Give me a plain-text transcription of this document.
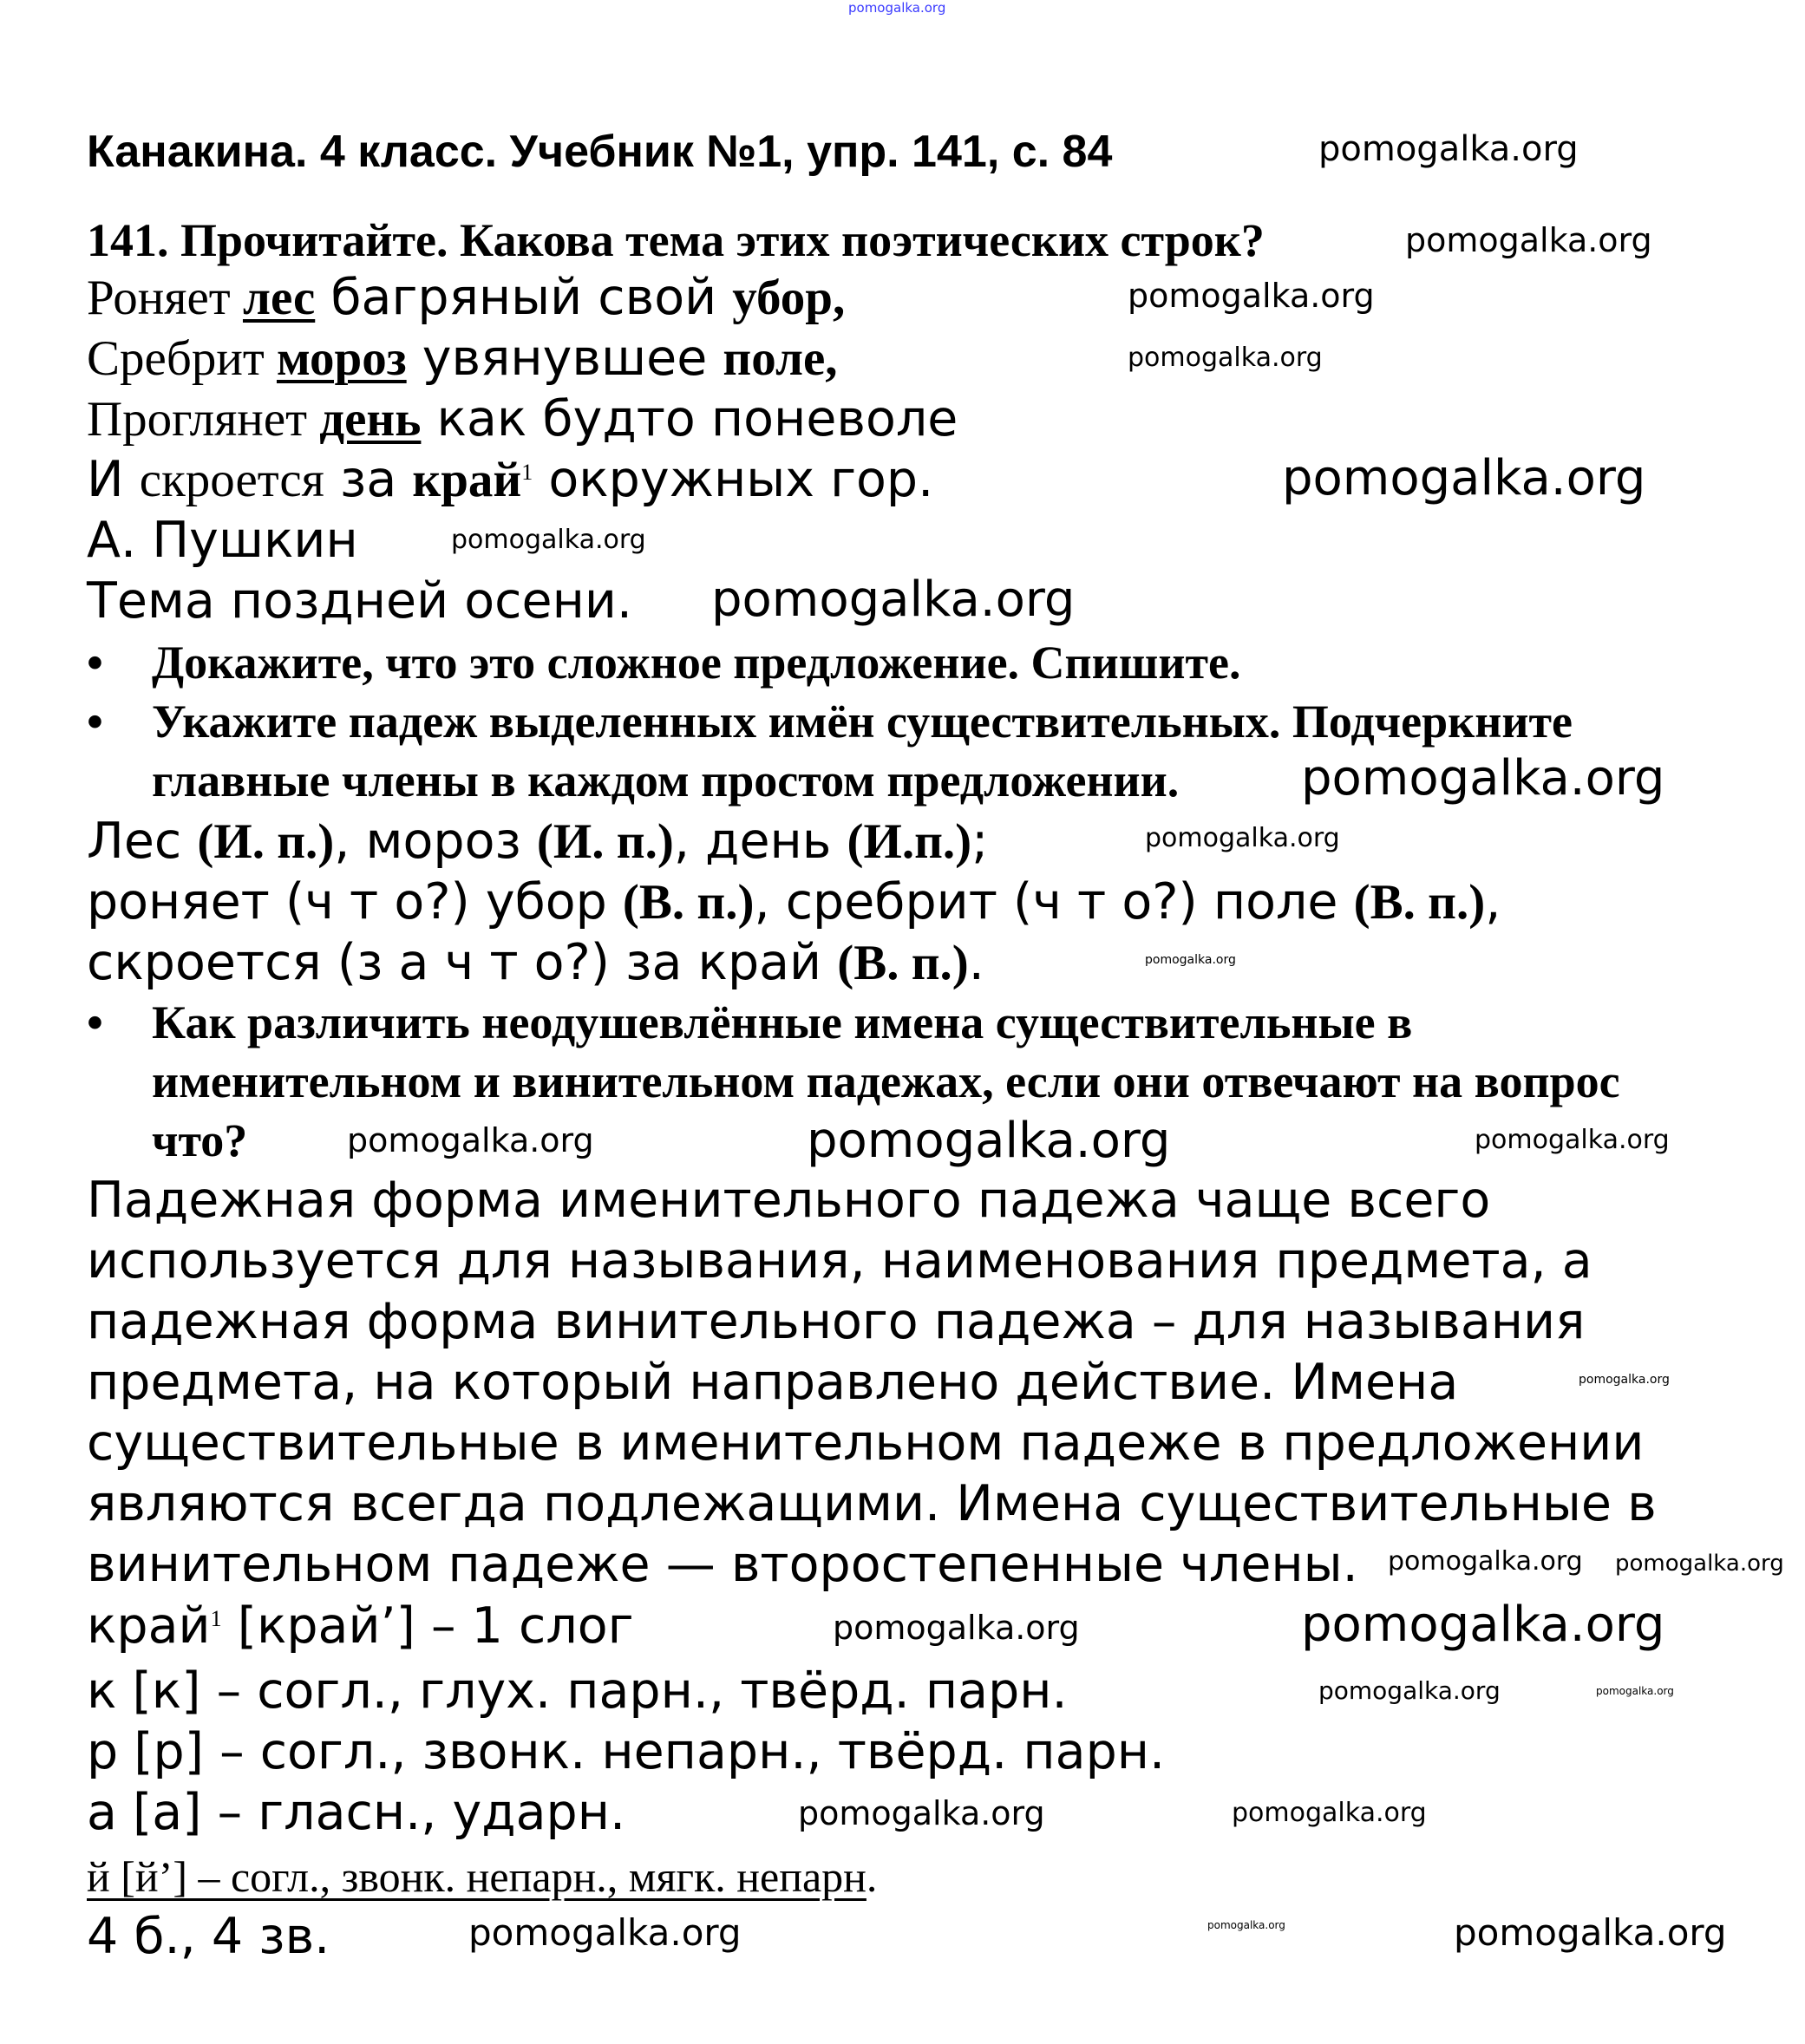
pomogalka.org
Канакина. 4 класс. Учебник №1, упр. 141, с. 84
141. Прочитайте. Какова тема этих поэтических строк?
Роняет лес багряный свой убор,
Сребрит мороз увянувшее поле,
Проглянет день как будто поневоле
И скроется за край$^1$ окружных гор.
А. Пушкин
Тема поздней осени.
• Докажите, что это сложное предложение. Спишите.
• Укажите падеж выделенных имён существительных. Подчеркните
главные члены в каждом простом предложении.
Лес (И. п.), мороз (И. п.), день (И.п.);
роняет (ч т о?) убор (В. п.), сребрит (ч т о?) поле (В. п.),
скроется (з а ч т о?) за край (В. п.).
• Как различить неодушевлённые имена существительные в
именительном и винительном падежах, если они отвечают на вопрос
что?
Падежная форма именительного падежа чаще всего
используется для называния, наименования предмета, а
падежная форма винительного падежа – для называния
предмета, на который направлено действие. Имена
существительные в именительном падеже в предложении
являются всегда подлежащими. Имена существительные в
винительном падеже — второстепенные члены.
край$^1$ [край’] – 1 слог
к [к] – согл., глух. парн., твёрд. парн.
р [р] – согл., звонк. непарн., твёрд. парн.
а [а] – гласн., ударн.
й [й’] – согл., звонк. непарн., мягк. непарн.
4 б., 4 зв.
pomogalka.org
pomogalka.org
pomogalka.org
pomogalka.org
pomogalka.org
pomogalka.org
pomogalka.org
pomogalka.org
pomogalka.org
pomogalka.org
pomogalka.org	pomogalka.org	pomogalka.org
pomogalka.org
pomogalka.org pomogalka.org
pomogalka.org	pomogalka.org
pomogalka.org	pomogalka.org
pomogalka.org	pomogalka.org
pomogalka.org	pomogalka.org	pomogalka.org
